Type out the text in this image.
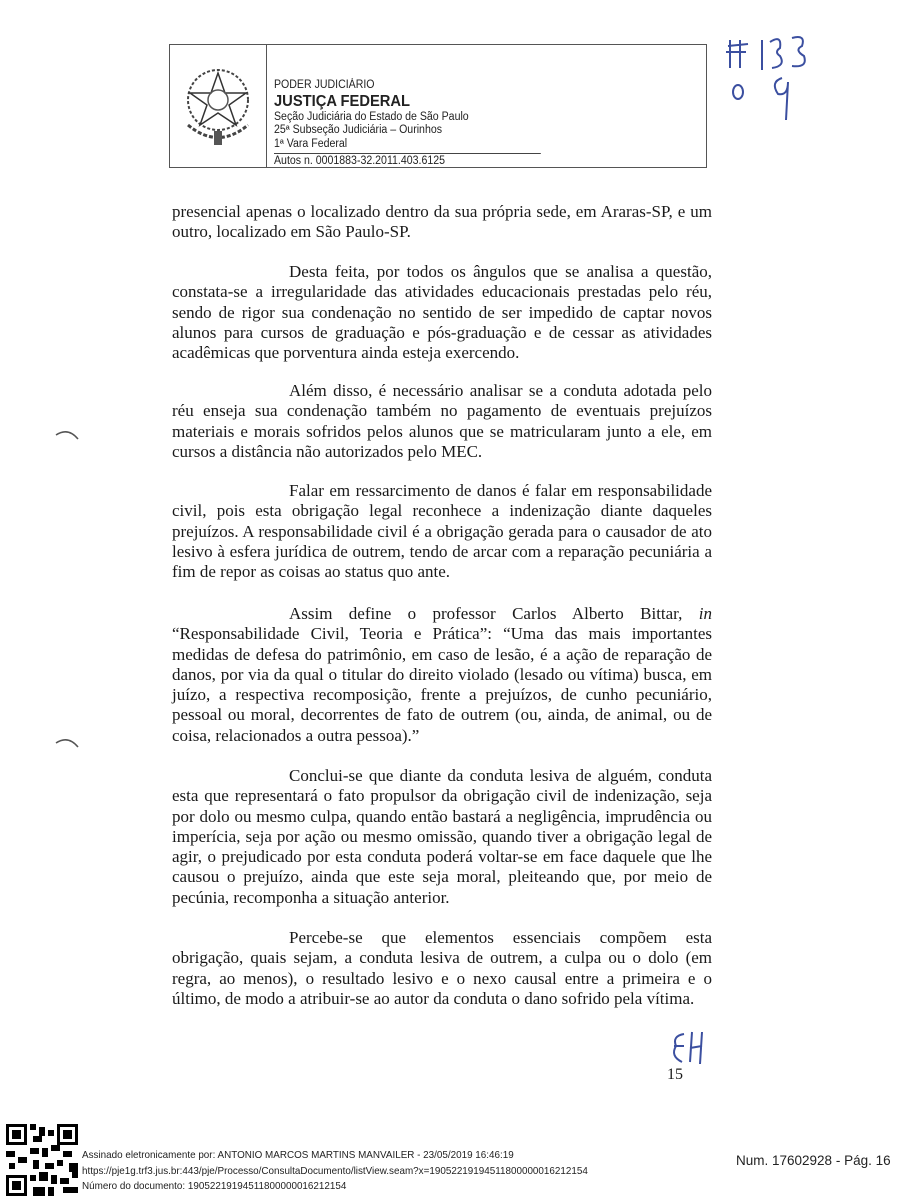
PODER JUDICIÁRIO
JUSTIÇA FEDERAL
Seção Judiciária do Estado de São Paulo
25ª Subseção Judiciária – Ourinhos
1ª Vara Federal
Autos n. 0001883-32.2011.403.6125
presencial apenas o localizado dentro da sua própria sede, em Araras-SP, e um outro, localizado em São Paulo-SP.
Desta feita, por todos os ângulos que se analisa a questão, constata-se a irregularidade das atividades educacionais prestadas pelo réu, sendo de rigor sua condenação no sentido de ser impedido de captar novos alunos para cursos de graduação e pós-graduação e de cessar as atividades acadêmicas que porventura ainda esteja exercendo.
Além disso, é necessário analisar se a conduta adotada pelo réu enseja sua condenação também no pagamento de eventuais prejuízos materiais e morais sofridos pelos alunos que se matricularam junto a ele, em cursos a distância não autorizados pelo MEC.
Falar em ressarcimento de danos é falar em responsabilidade civil, pois esta obrigação legal reconhece a indenização diante daqueles prejuízos. A responsabilidade civil é a obrigação gerada para o causador de ato lesivo à esfera jurídica de outrem, tendo de arcar com a reparação pecuniária a fim de repor as coisas ao status quo ante.
Assim define o professor Carlos Alberto Bittar, in “Responsabilidade Civil, Teoria e Prática”: “Uma das mais importantes medidas de defesa do patrimônio, em caso de lesão, é a ação de reparação de danos, por via da qual o titular do direito violado (lesado ou vítima) busca, em juízo, a respectiva recomposição, frente a prejuízos, de cunho pecuniário, pessoal ou moral, decorrentes de fato de outrem (ou, ainda, de animal, ou de coisa, relacionados a outra pessoa).”
Conclui-se que diante da conduta lesiva de alguém, conduta esta que representará o fato propulsor da obrigação civil de indenização, seja por dolo ou mesmo culpa, quando então bastará a negligência, imprudência ou imperícia, seja por ação ou mesmo omissão, quando tiver a obrigação legal de agir, o prejudicado por esta conduta poderá voltar-se em face daquele que lhe causou o prejuízo, ainda que este seja moral, pleiteando que, por meio de pecúnia, recomponha a situação anterior.
Percebe-se que elementos essenciais compõem esta obrigação, quais sejam, a conduta lesiva de outrem, a culpa ou o dolo (em regra, ao menos), o resultado lesivo e o nexo causal entre a primeira e o último, de modo a atribuir-se ao autor da conduta o dano sofrido pela vítima.
15
Assinado eletronicamente por: ANTONIO MARCOS MARTINS MANVAILER - 23/05/2019 16:46:19
https://pje1g.trf3.jus.br:443/pje/Processo/ConsultaDocumento/listView.seam?x=19052219194511800000016212154
Número do documento: 19052219194511800000016212154
Num. 17602928 - Pág. 16
